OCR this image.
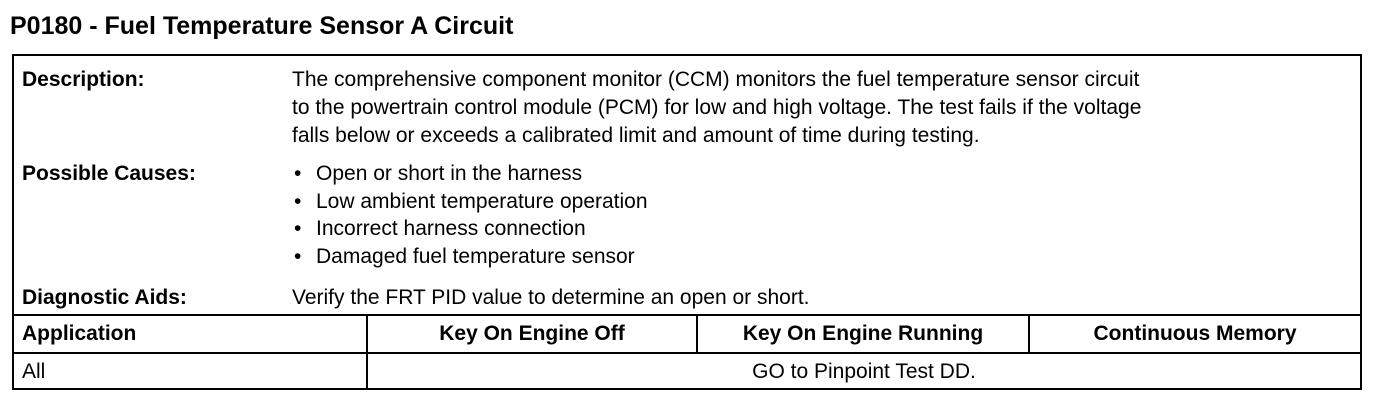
P0180 - Fuel Temperature Sensor A Circuit
Description:	The comprehensive component monitor (CCM) monitors the fuel temperature sensor circuit
to the powertrain control module (PCM) for low and high voltage. The test fails if the voltage
falls below or exceeds a calibrated limit and amount of time during testing.
Possible Causes:	• Open or short in the harness
• Low ambient temperature operation
• Incorrect harness connection
• Damaged fuel temperature sensor
Diagnostic Aids:	Verify the FRT PID value to determine an open or short.
Application	Key On Engine Off	Key On Engine Running	Continuous Memory
All	GO to Pinpoint Test DD.		
